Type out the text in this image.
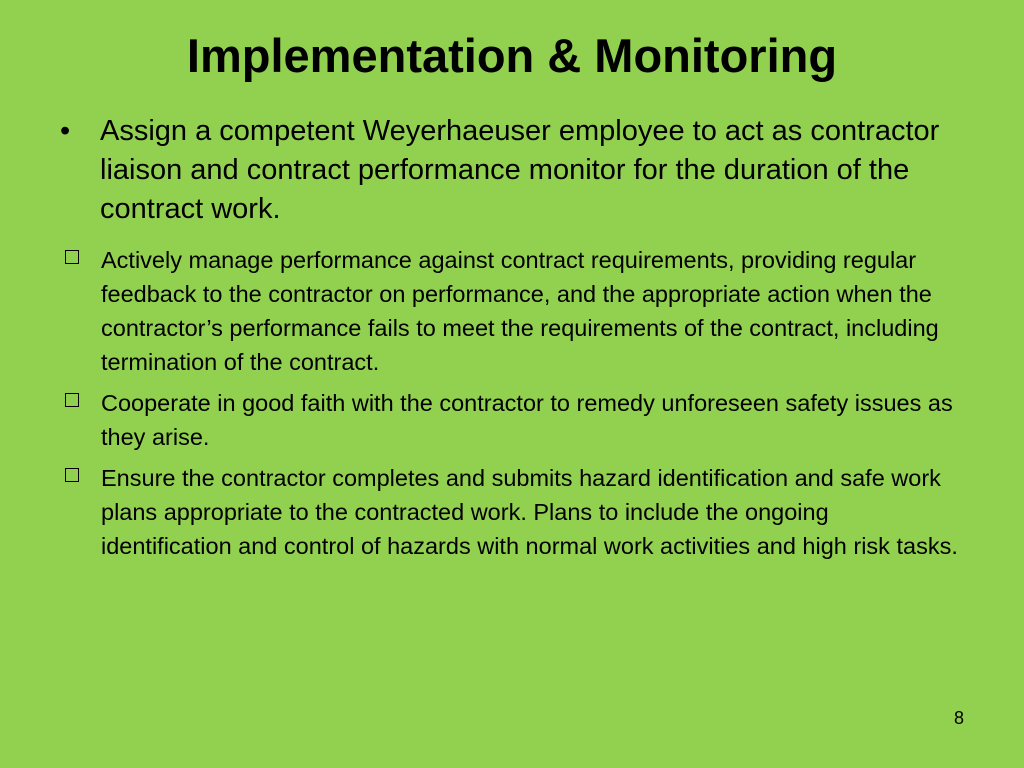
Implementation & Monitoring
•	Assign a competent Weyerhaeuser employee to act as contractor liaison and contract performance monitor for the duration of the contract work.
Actively manage performance against contract requirements, providing regular feedback to the contractor on performance, and the appropriate action when the contractor’s performance fails to meet the requirements of the contract, including termination of the contract.
Cooperate in good faith with the contractor to remedy unforeseen safety issues as they arise.
Ensure the contractor completes and submits hazard identification and safe work plans appropriate to the contracted work. Plans to include the ongoing identification and control of hazards with normal work activities and high risk tasks.
8
